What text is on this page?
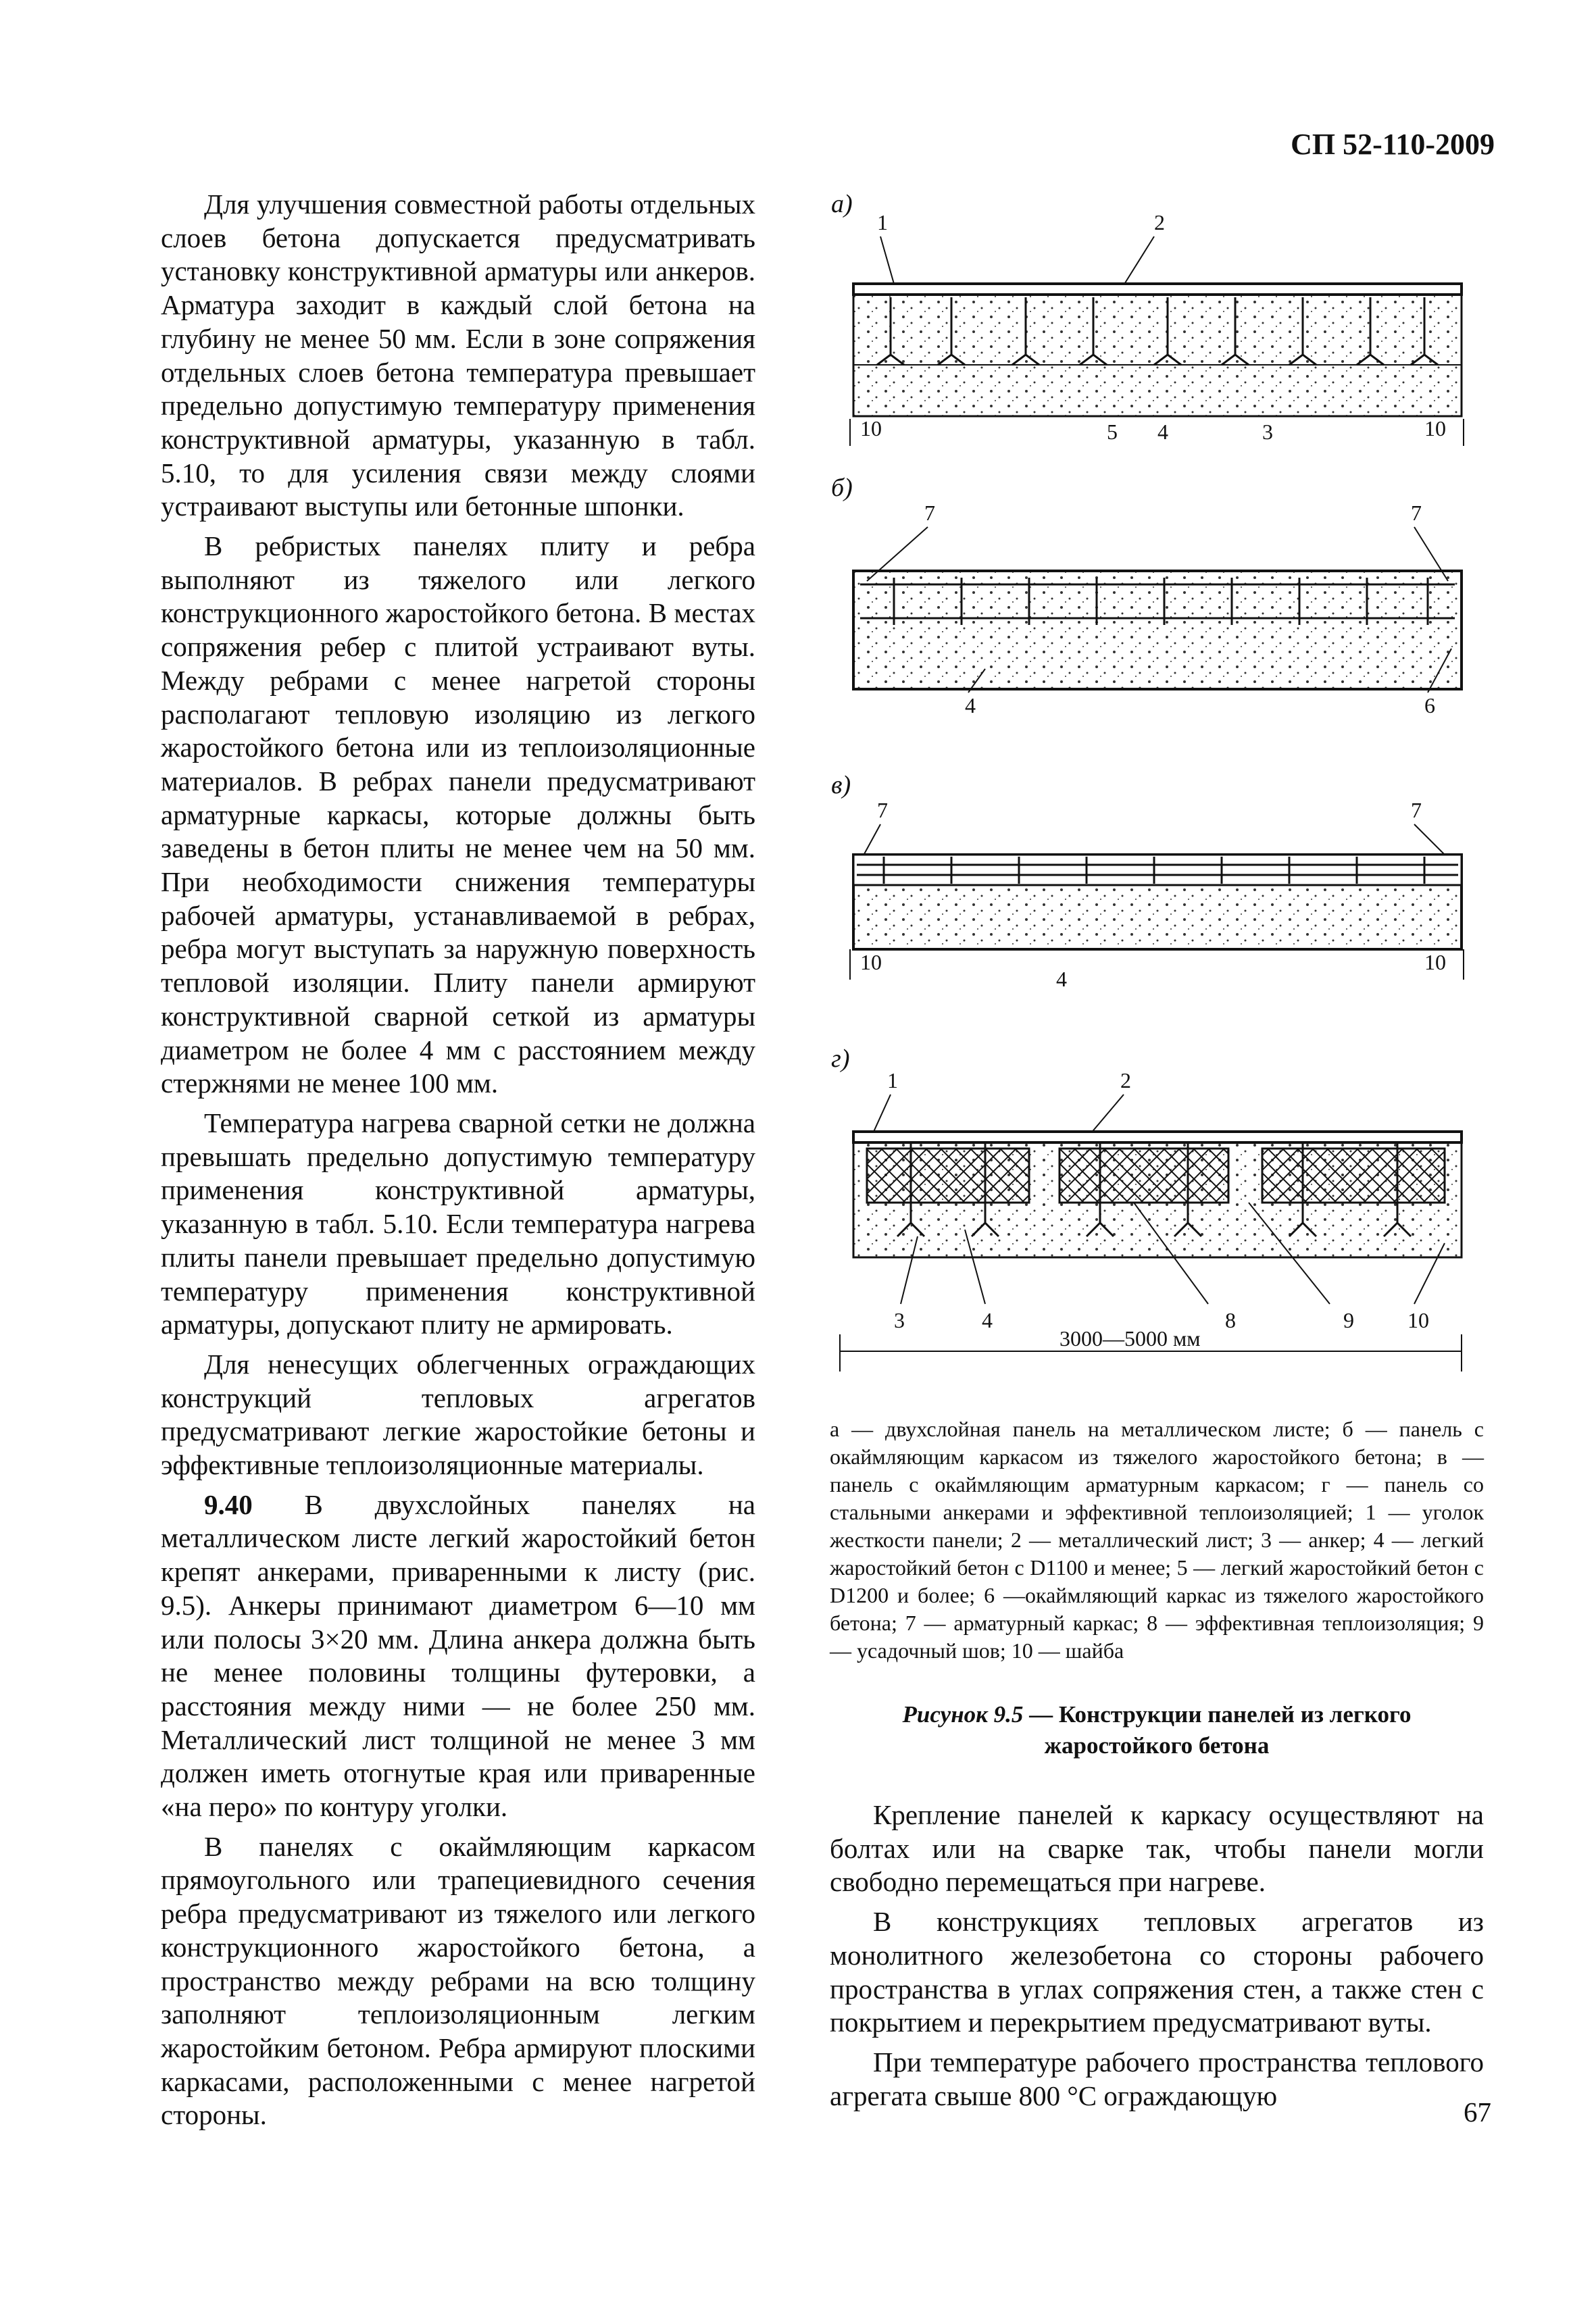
СП 52-110-2009

Для улучшения совместной работы отдельных слоев бетона допускается предусматривать установку конструктивной арматуры или анкеров. Арматура заходит в каждый слой бетона на глубину не менее 50 мм. Если в зоне сопряжения отдельных слоев бетона температура превышает предельно допустимую температуру применения конструктивной арматуры, указанную в табл. 5.10, то для усиления связи между слоями устраивают выступы или бетонные шпонки.

В ребристых панелях плиту и ребра выполняют из тяжелого или легкого конструкционного жаростойкого бетона. В местах сопряжения ребер с плитой устраивают вуты. Между ребрами с менее нагретой стороны располагают тепловую изоляцию из легкого жаростойкого бетона или из теплоизоляционные материалов. В ребрах панели предусматривают арматурные каркасы, которые должны быть заведены в бетон плиты не менее чем на 50 мм. При необходимости снижения температуры рабочей арматуры, устанавливаемой в ребрах, ребра могут выступать за наружную поверхность тепловой изоляции. Плиту панели армируют конструктивной сварной сеткой из арматуры диаметром не более 4 мм с расстоянием между стержнями не менее 100 мм.

Температура нагрева сварной сетки не должна превышать предельно допустимую температуру применения конструктивной арматуры, указанную в табл. 5.10. Если температура нагрева плиты панели превышает предельно допустимую температуру применения конструктивной арматуры, допускают плиту не армировать.

Для ненесущих облегченных ограждающих конструкций тепловых агрегатов предусматривают легкие жаростойкие бетоны и эффективные теплоизоляционные материалы.

9.40 В двухслойных панелях на металлическом листе легкий жаростойкий бетон крепят анкерами, приваренными к листу (рис. 9.5). Анкеры принимают диаметром 6—10 мм или полосы 3×20 мм. Длина анкера должна быть не менее половины толщины футеровки, а расстояния между ними — не более 250 мм. Металлический лист толщиной не менее 3 мм должен иметь отогнутые края или приваренные «на перо» по контуру уголки.

В панелях с окаймляющим каркасом прямоугольного или трапециевидного сечения ребра предусматривают из тяжелого или легкого конструкционного жаростойкого бетона, а пространство между ребрами на всю толщину заполняют теплоизоляционным легким жаростойким бетоном. Ребра армируют плоскими каркасами, расположенными с менее нагретой стороны.

а)
1	2
10	10
5 4	3
б)
7	7
4	6
в)
7	7
10	10
4
г)
1	2
3	4	8	9 10
3000—5000 мм
а — двухслойная панель на металлическом листе; б — панель с окаймляющим каркасом из тяжелого жаростойкого бетона; в — панель с окаймляющим арматурным каркасом; г — панель со стальными анкерами и эффективной теплоизоляцией; 1 — уголок жесткости панели; 2 — металлический лист; 3 — анкер; 4 — легкий жаростойкий бетон с D1100 и менее; 5 — легкий жаростойкий бетон с D1200 и более; 6 —окаймляющий каркас из тяжелого жаростойкого бетона; 7 — арматурный каркас; 8 — эффективная теплоизоляция; 9 — усадочный шов; 10 — шайба
Рисунок 9.5 — Конструкции панелей из легкого жаростойкого бетона

Крепление панелей к каркасу осуществляют на болтах или на сварке так, чтобы панели могли свободно перемещаться при нагреве.

В конструкциях тепловых агрегатов из монолитного железобетона со стороны рабочего пространства в углах сопряжения стен, а также стен с покрытием и перекрытием предусматривают вуты.

При температуре рабочего пространства теплового агрегата свыше 800 °С ограждающую

67
